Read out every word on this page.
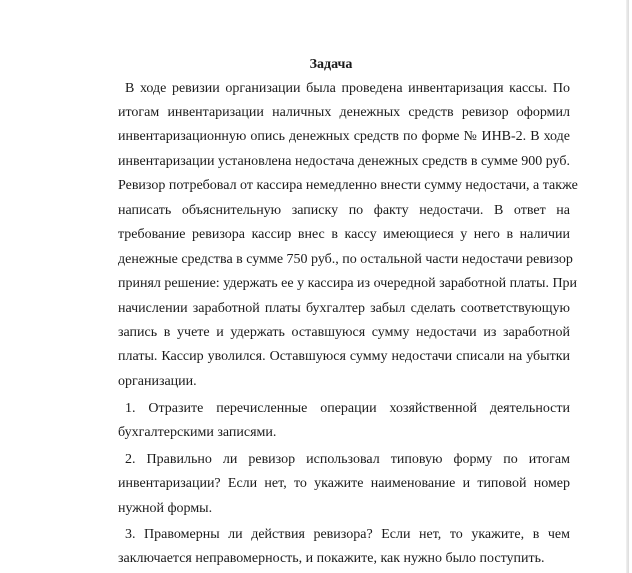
Задача
В ходе ревизии организации была проведена инвентаризация кассы. По
итогам инвентаризации наличных денежных средств ревизор оформил
инвентаризационную опись денежных средств по форме № ИНВ-2. В ходе
инвентаризации установлена недостача денежных средств в сумме 900 руб.
Ревизор потребовал от кассира немедленно внести сумму недостачи, а также
написать объяснительную записку по факту недостачи. В ответ на
требование ревизора кассир внес в кассу имеющиеся у него в наличии
денежные средства в сумме 750 руб., по остальной части недостачи ревизор
принял решение: удержать ее у кассира из очередной заработной платы. При
начислении заработной платы бухгалтер забыл сделать соответствующую
запись в учете и удержать оставшуюся сумму недостачи из заработной
платы. Кассир уволился. Оставшуюся сумму недостачи списали на убытки
организации.
1. Отразите перечисленные операции хозяйственной деятельности
бухгалтерскими записями.
2. Правильно ли ревизор использовал типовую форму по итогам
инвентаризации? Если нет, то укажите наименование и типовой номер
нужной формы.
3. Правомерны ли действия ревизора? Если нет, то укажите, в чем
заключается неправомерность, и покажите, как нужно было поступить.
